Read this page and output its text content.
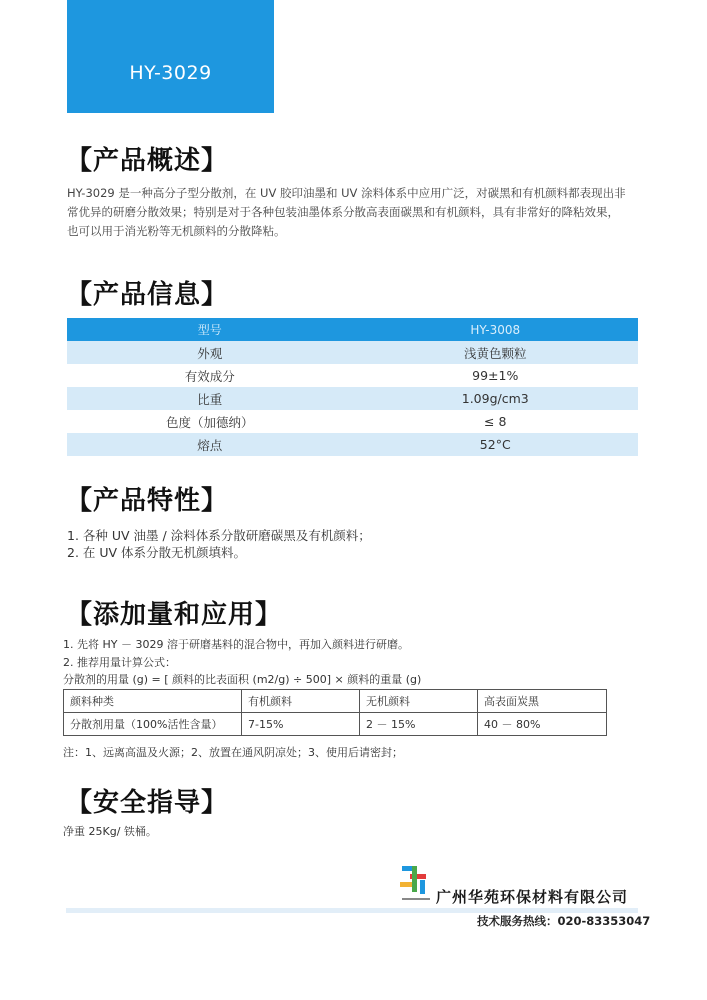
HY-3029
【产品概述】

HY-3029 是一种高分子型分散剂，在 UV 胶印油墨和 UV 涂料体系中应用广泛，对碳黑和有机颜料都表现出非
常优异的研磨分散效果；特别是对于各种包装油墨体系分散高表面碳黑和有机颜料，具有非常好的降粘效果，
也可以用于消光粉等无机颜料的分散降粘。

【产品信息】
型号	HY-3008
外观	浅黄色颗粒
有效成分	99±1%
比重	1.09g/cm3
色度（加德纳）	≤ 8
熔点	52°C
【产品特性】
1. 各种 UV 油墨 / 涂料体系分散研磨碳黑及有机颜料；
2. 在 UV 体系分散无机颜填料。
【添加量和应用】
1. 先将 HY － 3029 溶于研磨基料的混合物中，再加入颜料进行研磨。
2. 推荐用量计算公式：
分散剂的用量 (g) = [ 颜料的比表面积 (m2/g) ÷ 500] × 颜料的重量 (g)
颜料种类	有机颜料	无机颜料	高表面炭黑
分散剂用量（100%活性含量）	7-15%	2 － 15%	40 － 80%
注：1、远离高温及火源；2、放置在通风阴凉处；3、使用后请密封；
【安全指导】
净重 25Kg/ 铁桶。
广州华苑环保材料有限公司
技术服务热线：020-83353047
